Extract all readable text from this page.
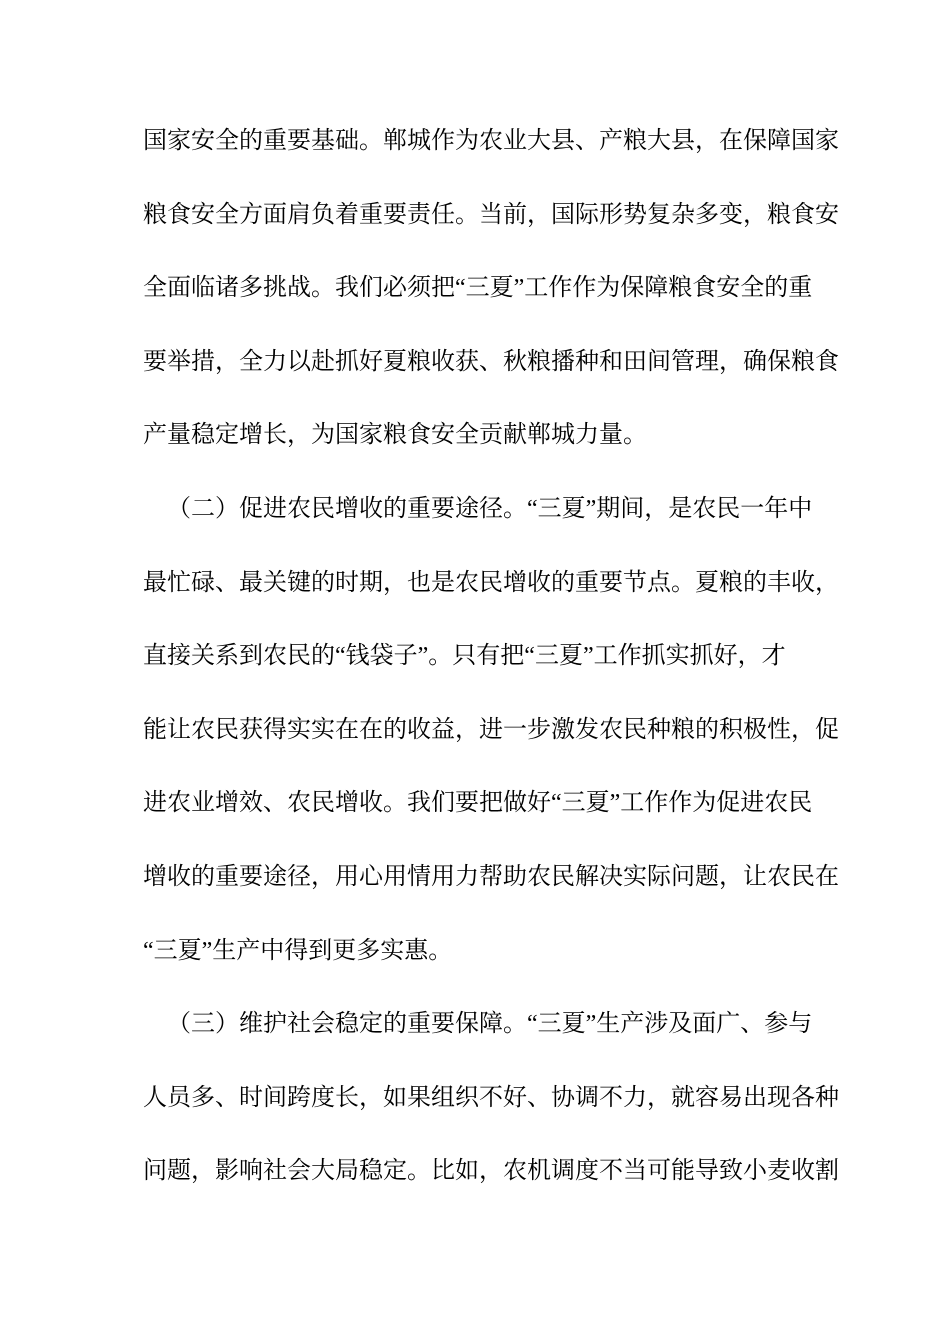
国家安全的重要基础。郸城作为农业大县、产粮大县，在保障国家
粮食安全方面肩负着重要责任。当前，国际形势复杂多变，粮食安
全面临诸多挑战。我们必须把“三夏”工作作为保障粮食安全的重
要举措，全力以赴抓好夏粮收获、秋粮播种和田间管理，确保粮食
产量稳定增长，为国家粮食安全贡献郸城力量。
（二）促进农民增收的重要途径。“三夏”期间，是农民一年中
最忙碌、最关键的时期，也是农民增收的重要节点。夏粮的丰收，
直接关系到农民的“钱袋子”。只有把“三夏”工作抓实抓好，才
能让农民获得实实在在的收益，进一步激发农民种粮的积极性，促
进农业增效、农民增收。我们要把做好“三夏”工作作为促进农民
增收的重要途径，用心用情用力帮助农民解决实际问题，让农民在
“三夏”生产中得到更多实惠。
（三）维护社会稳定的重要保障。“三夏”生产涉及面广、参与
人员多、时间跨度长，如果组织不好、协调不力，就容易出现各种
问题，影响社会大局稳定。比如，农机调度不当可能导致小麦收割
